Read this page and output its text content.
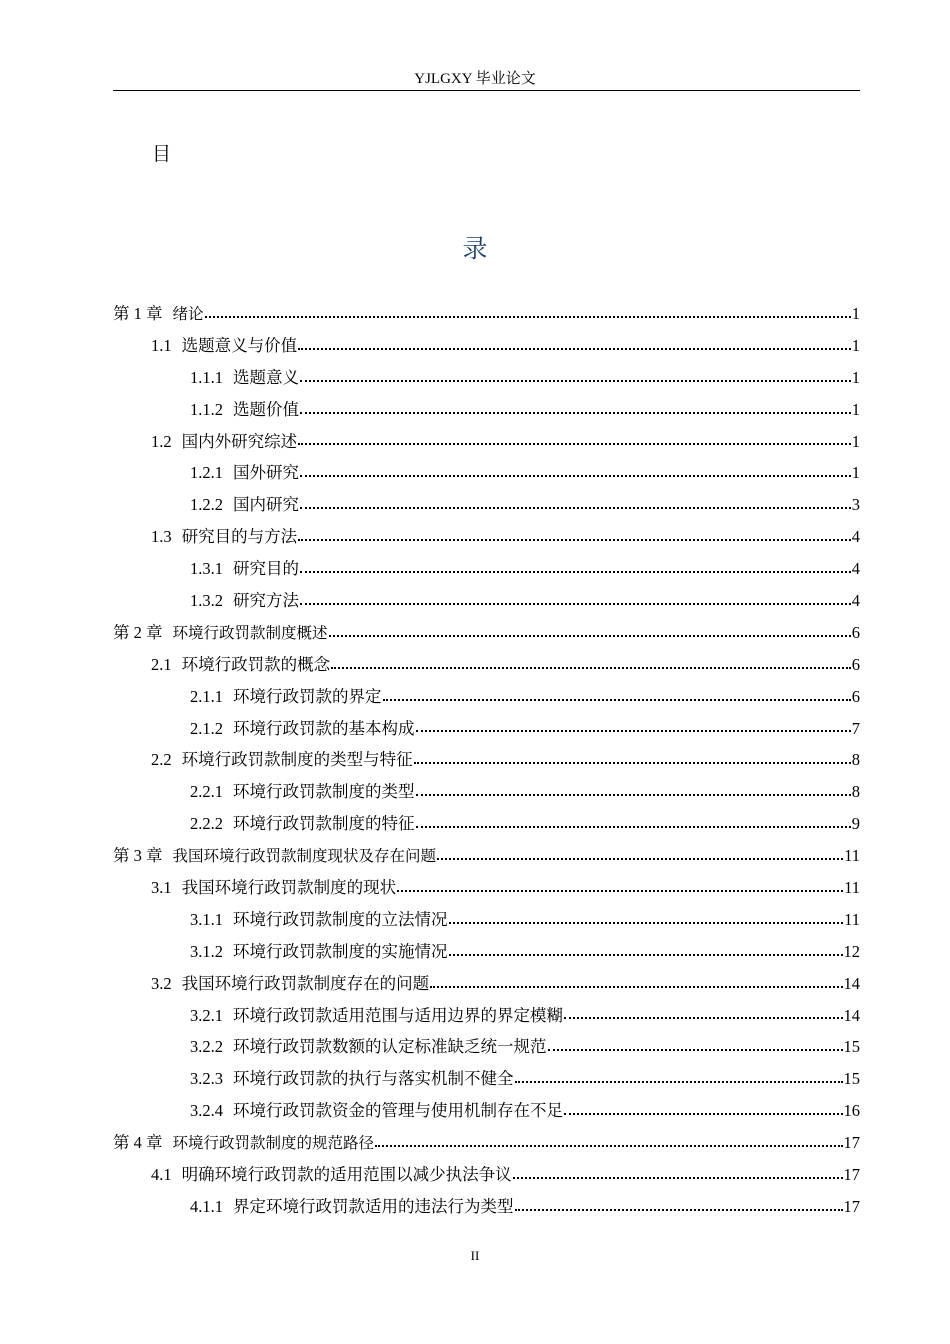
YJLGXY 毕业论文
目
录
第 1 章 绪论	1
1.1 选题意义与价值	1
1.1.1 选题意义	1
1.1.2 选题价值	1
1.2 国内外研究综述	1
1.2.1 国外研究	1
1.2.2 国内研究	3
1.3 研究目的与方法	4
1.3.1 研究目的	4
1.3.2 研究方法	4
第 2 章 环境行政罚款制度概述	6
2.1 环境行政罚款的概念	6
2.1.1 环境行政罚款的界定	6
2.1.2 环境行政罚款的基本构成	7
2.2 环境行政罚款制度的类型与特征	8
2.2.1 环境行政罚款制度的类型	8
2.2.2 环境行政罚款制度的特征	9
第 3 章 我国环境行政罚款制度现状及存在问题	11
3.1 我国环境行政罚款制度的现状	11
3.1.1 环境行政罚款制度的立法情况	11
3.1.2 环境行政罚款制度的实施情况	12
3.2 我国环境行政罚款制度存在的问题	14
3.2.1 环境行政罚款适用范围与适用边界的界定模糊	14
3.2.2 环境行政罚款数额的认定标准缺乏统一规范	15
3.2.3 环境行政罚款的执行与落实机制不健全	15
3.2.4 环境行政罚款资金的管理与使用机制存在不足	16
第 4 章 环境行政罚款制度的规范路径	17
4.1 明确环境行政罚款的适用范围以减少执法争议	17
4.1.1 界定环境行政罚款适用的违法行为类型	17
II
